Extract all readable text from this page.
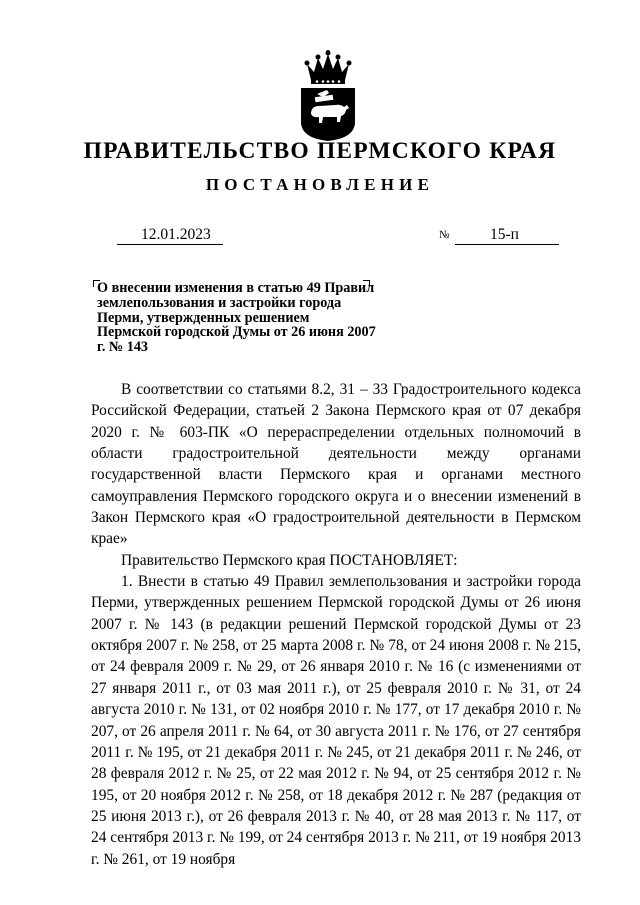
ПРАВИТЕЛЬСТВО ПЕРМСКОГО КРАЯ
ПОСТАНОВЛЕНИЕ
12.01.2023	№	15-п

О внесении изменения в статью 49 Правил землепользования и застройки города Перми, утвержденных решением Пермской городской Думы от 26 июня 2007 г. № 143

В соответствии со статьями 8.2, 31 – 33 Градостроительного кодекса Российской Федерации, статьей 2 Закона Пермского края от 07 декабря 2020 г. № 603-ПК «О перераспределении отдельных полномочий в области градостроительной деятельности между органами государственной власти Пермского края и органами местного самоуправления Пермского городского округа и о внесении изменений в Закон Пермского края «О градостроительной деятельности в Пермском крае»

Правительство Пермского края ПОСТАНОВЛЯЕТ:

1. Внести в статью 49 Правил землепользования и застройки города Перми, утвержденных решением Пермской городской Думы от 26 июня 2007 г. № 143 (в редакции решений Пермской городской Думы от 23 октября 2007 г. № 258, от 25 марта 2008 г. № 78, от 24 июня 2008 г. № 215, от 24 февраля 2009 г. № 29, от 26 января 2010 г. № 16 (с изменениями от 27 января 2011 г., от 03 мая 2011 г.), от 25 февраля 2010 г. № 31, от 24 августа 2010 г. № 131, от 02 ноября 2010 г. № 177, от 17 декабря 2010 г. № 207, от 26 апреля 2011 г. № 64, от 30 августа 2011 г. № 176, от 27 сентября 2011 г. № 195, от 21 декабря 2011 г. № 245, от 21 декабря 2011 г. № 246, от 28 февраля 2012 г. № 25, от 22 мая 2012 г. № 94, от 25 сентября 2012 г. № 195, от 20 ноября 2012 г. № 258, от 18 декабря 2012 г. № 287 (редакция от 25 июня 2013 г.), от 26 февраля 2013 г. № 40, от 28 мая 2013 г. № 117, от 24 сентября 2013 г. № 199, от 24 сентября 2013 г. № 211, от 19 ноября 2013 г. № 261, от 19 ноября
